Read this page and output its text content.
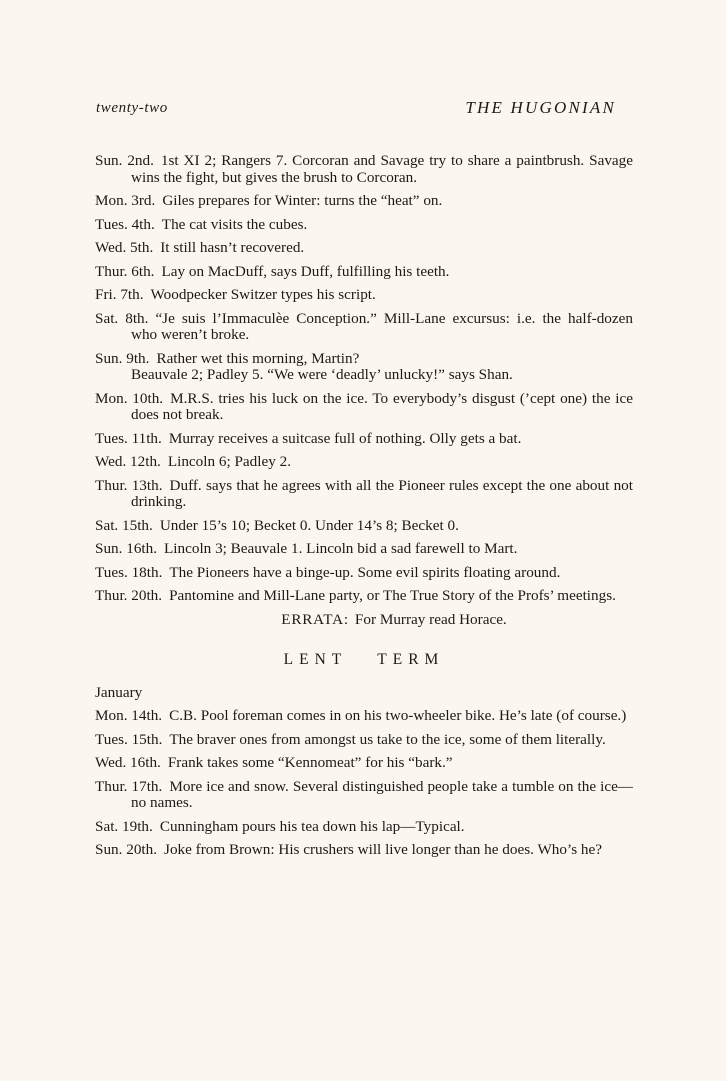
twenty-two	THE HUGONIAN
Sun. 2nd. 1st XI 2; Rangers 7. Corcoran and Savage try to share a paintbrush. Savage wins the fight, but gives the brush to Corcoran.
Mon. 3rd. Giles prepares for Winter: turns the “heat” on.
Tues. 4th. The cat visits the cubes.
Wed. 5th. It still hasn’t recovered.
Thur. 6th. Lay on MacDuff, says Duff, fulfilling his teeth.
Fri. 7th. Woodpecker Switzer types his script.
Sat. 8th. “Je suis l’Immaculèe Conception.” Mill-Lane excursus: i.e. the half-dozen who weren’t broke.
Sun. 9th. Rather wet this morning, Martin?
Beauvale 2; Padley 5. “We were ‘deadly’ unlucky!” says Shan.
Mon. 10th. M.R.S. tries his luck on the ice. To everybody’s disgust (’cept one) the ice does not break.
Tues. 11th. Murray receives a suitcase full of nothing. Olly gets a bat.
Wed. 12th. Lincoln 6; Padley 2.
Thur. 13th. Duff. says that he agrees with all the Pioneer rules except the one about not drinking.
Sat. 15th. Under 15’s 10; Becket 0. Under 14’s 8; Becket 0.
Sun. 16th. Lincoln 3; Beauvale 1. Lincoln bid a sad farewell to Mart.
Tues. 18th. The Pioneers have a binge-up. Some evil spirits floating around.
Thur. 20th. Pantomine and Mill-Lane party, or The True Story of the Profs’ meetings.
ERRATA: For Murray read Horace.
LENT TERM
January
Mon. 14th. C.B. Pool foreman comes in on his two-wheeler bike. He’s late (of course.)
Tues. 15th. The braver ones from amongst us take to the ice, some of them literally.
Wed. 16th. Frank takes some “Kennomeat” for his “bark.”
Thur. 17th. More ice and snow. Several distinguished people take a tumble on the ice—no names.
Sat. 19th. Cunningham pours his tea down his lap—Typical.
Sun. 20th. Joke from Brown: His crushers will live longer than he does. Who’s he?
